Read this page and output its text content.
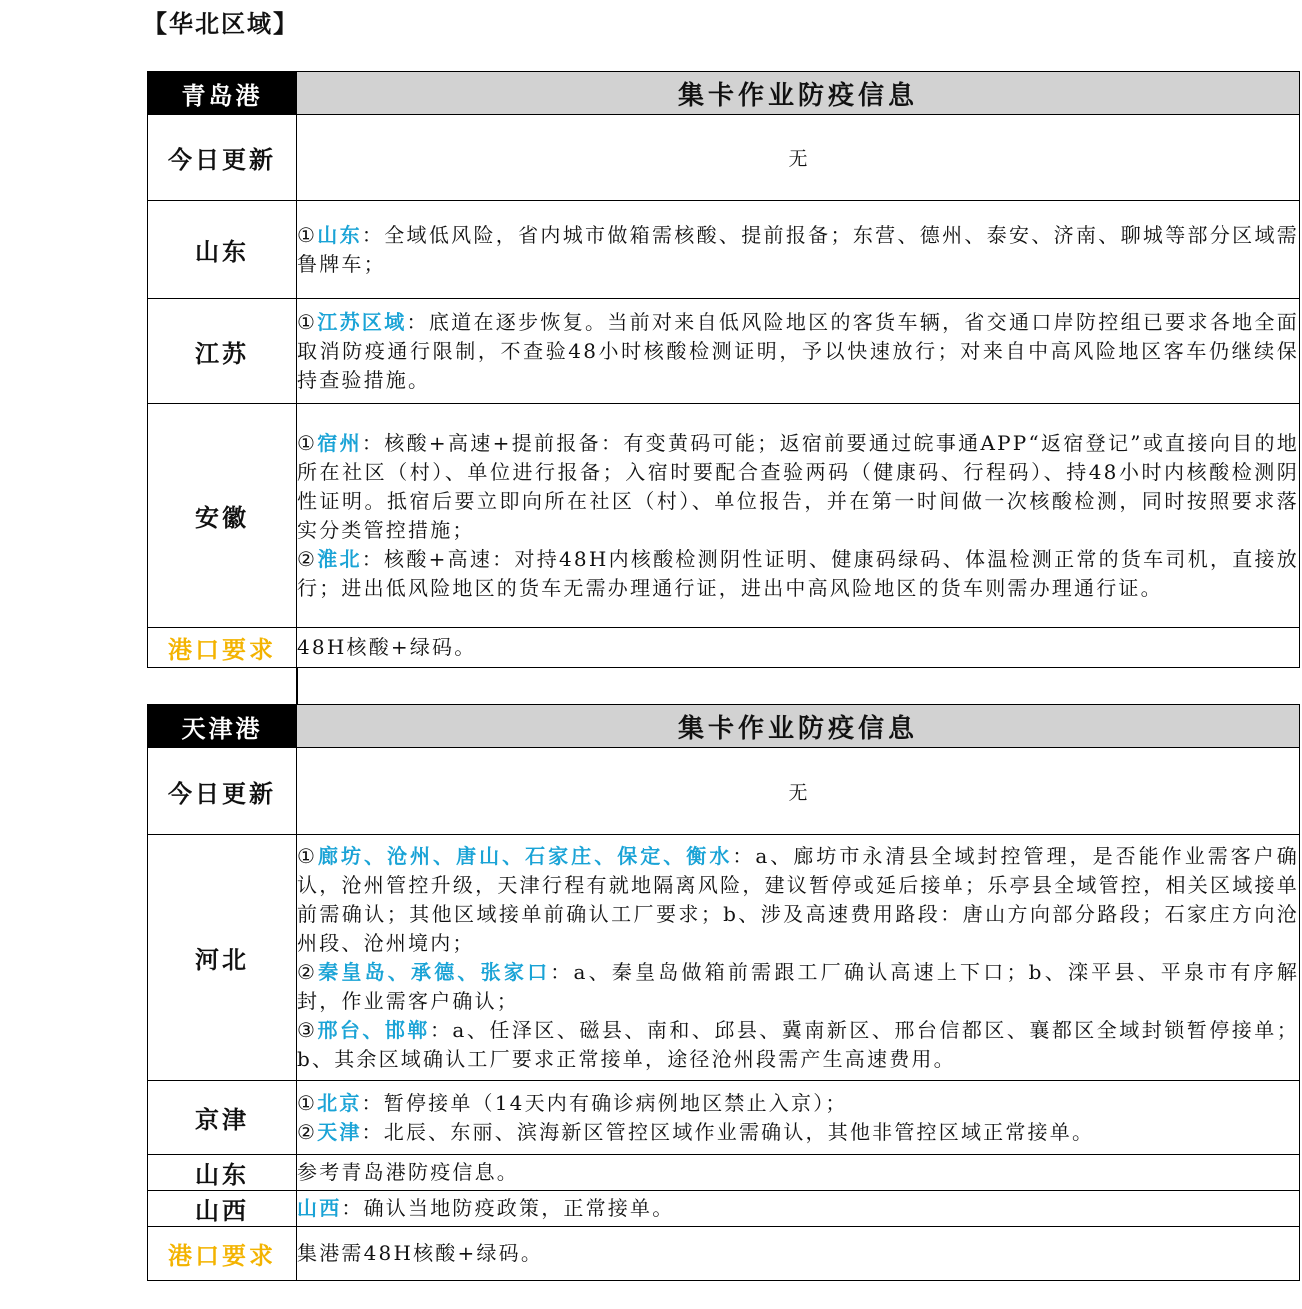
【华北区域】
青岛港	集卡作业防疫信息
今日更新	无
山东	①山东：全域低风险，省内城市做箱需核酸、提前报备；东营、德州、泰安、济南、聊城等部分区域需鲁牌车；
江苏	①江苏区域：底道在逐步恢复。当前对来自低风险地区的客货车辆，省交通口岸防控组已要求各地全面取消防疫通行限制，不查验48小时核酸检测证明，予以快速放行；对来自中高风险地区客车仍继续保持查验措施。
安徽	①宿州：核酸+高速+提前报备：有变黄码可能；返宿前要通过皖事通APP“返宿登记”或直接向目的地所在社区（村）、单位进行报备；入宿时要配合查验两码（健康码、行程码）、持48小时内核酸检测阴性证明。抵宿后要立即向所在社区（村）、单位报告，并在第一时间做一次核酸检测，同时按照要求落实分类管控措施；
②淮北：核酸+高速：对持48H内核酸检测阴性证明、健康码绿码、体温检测正常的货车司机，直接放行；进出低风险地区的货车无需办理通行证，进出中高风险地区的货车则需办理通行证。

港口要求	48H核酸+绿码。
天津港	集卡作业防疫信息
今日更新	无
河北	①廊坊、沧州、唐山、石家庄、保定、衡水：a、廊坊市永清县全域封控管理，是否能作业需客户确认，沧州管控升级，天津行程有就地隔离风险，建议暂停或延后接单；乐亭县全域管控，相关区域接单前需确认；其他区域接单前确认工厂要求；b、涉及高速费用路段：唐山方向部分路段；石家庄方向沧州段、沧州境内；
②秦皇岛、承德、张家口：a、秦皇岛做箱前需跟工厂确认高速上下口；b、滦平县、平泉市有序解封，作业需客户确认；
③邢台、邯郸：a、任泽区、磁县、南和、邱县、冀南新区、邢台信都区、襄都区全域封锁暂停接单；b、其余区域确认工厂要求正常接单，途径沧州段需产生高速费用。

京津	①北京：暂停接单（14天内有确诊病例地区禁止入京）；
②天津：北辰、东丽、滨海新区管控区域作业需确认，其他非管控区域正常接单。

山东	参考青岛港防疫信息。
山西	山西：确认当地防疫政策，正常接单。
港口要求	集港需48H核酸+绿码。
